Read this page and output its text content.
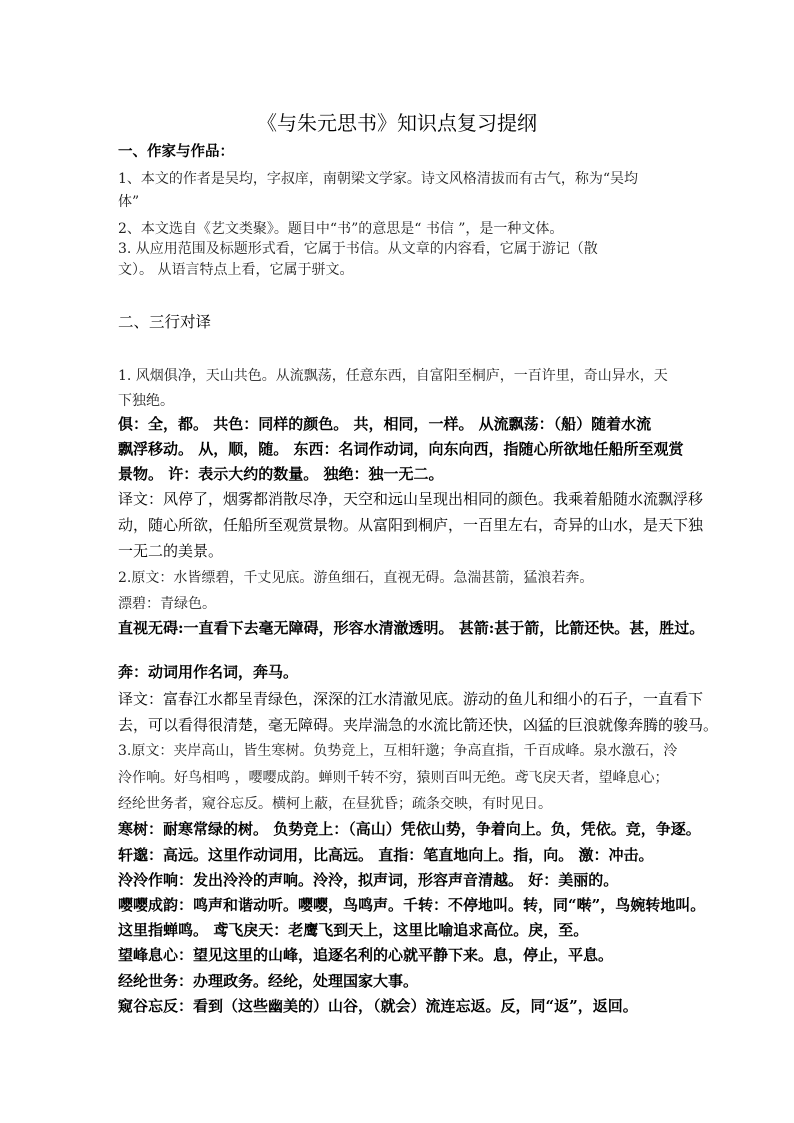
《与朱元思书》知识点复习提纲
一、作家与作品：
1、本文的作者是吴均，字叔庠，南朝梁文学家。诗文风格清拔而有古气，称为“吴均
体”
2、本文选自《艺文类聚》。题目中“书”的意思是“ 书信 ”，是一种文体。
3. 从应用范围及标题形式看，它属于书信。从文章的内容看，它属于游记（散
文）。 从语言特点上看，它属于骈文。
二、三行对译
1. 风烟俱净，天山共色。从流飘荡，任意东西，自富阳至桐庐，一百许里，奇山异水，天
下独绝。
俱：全，都。 共色：同样的颜色。 共，相同，一样。 从流飘荡：（船）随着水流
飘浮移动。 从，顺，随。 东西：名词作动词，向东向西，指随心所欲地任船所至观赏
景物。 许：表示大约的数量。 独绝：独一无二。
译文：风停了，烟雾都消散尽净，天空和远山呈现出相同的颜色。我乘着船随水流飘浮移
动，随心所欲，任船所至观赏景物。从富阳到桐庐，一百里左右，奇异的山水，是天下独
一无二的美景。
2.原文：水皆缥碧，千丈见底。游鱼细石，直视无碍。急湍甚箭，猛浪若奔。
漂碧：青绿色。
直视无碍:一直看下去毫无障碍，形容水清澈透明。 甚箭:甚于箭，比箭还快。甚，胜过。
奔：动词用作名词，奔马。
译文：富春江水都呈青绿色，深深的江水清澈见底。游动的鱼儿和细小的石子，一直看下
去，可以看得很清楚，毫无障碍。夹岸湍急的水流比箭还快，凶猛的巨浪就像奔腾的骏马。
3.原文：夹岸高山，皆生寒树。负势竞上，互相轩邈；争高直指，千百成峰。泉水激石，泠
泠作响。好鸟相鸣 ，嘤嘤成韵。蝉则千转不穷，猿则百叫无绝。鸢飞戾天者，望峰息心；
经纶世务者，窥谷忘反。横柯上蔽，在昼犹昏；疏条交映，有时见日。
寒树：耐寒常绿的树。 负势竞上：（高山）凭依山势，争着向上。负，凭依。竞，争逐。
轩邈：高远。这里作动词用，比高远。 直指：笔直地向上。指，向。 激：冲击。
泠泠作响：发出泠泠的声响。泠泠，拟声词，形容声音清越。 好：美丽的。
嘤嘤成韵：鸣声和谐动听。嘤嘤，鸟鸣声。千转：不停地叫。转，同“啭”，鸟婉转地叫。
这里指蝉鸣。 鸢飞戾天：老鹰飞到天上，这里比喻追求高位。戾，至。
望峰息心：望见这里的山峰，追逐名利的心就平静下来。息，停止，平息。
经纶世务：办理政务。经纶，处理国家大事。
窥谷忘反：看到（这些幽美的）山谷，（就会）流连忘返。反，同“返”，返回。
